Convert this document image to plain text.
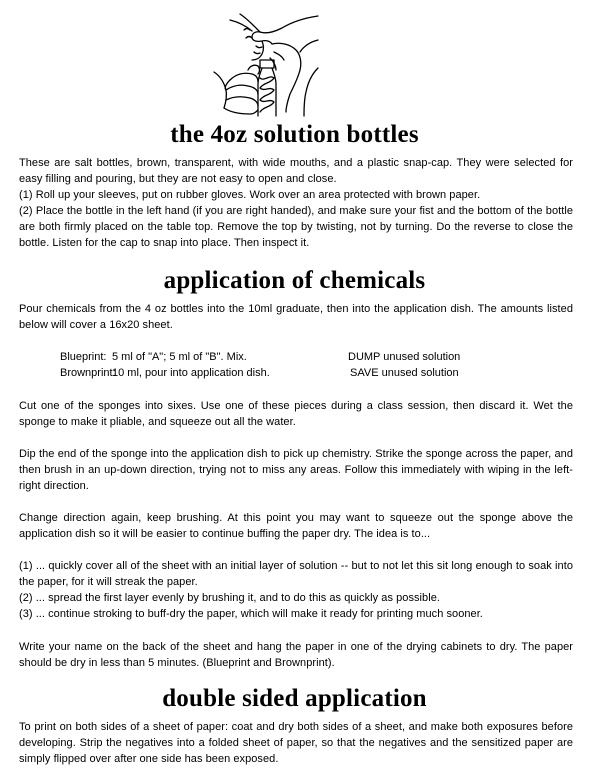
the 4oz solution bottles
These are salt bottles, brown, transparent, with wide mouths, and a plastic snap-cap. They were selected for easy filling and pouring, but they are not easy to open and close.
(1) Roll up your sleeves, put on rubber gloves. Work over an area protected with brown paper.
(2) Place the bottle in the left hand (if you are right handed), and make sure your fist and the bottom of the bottle are both firmly placed on the table top. Remove the top by twisting, not by turning. Do the reverse to close the bottle. Listen for the cap to snap into place. Then inspect it.
application of chemicals

Pour chemicals from the 4 oz bottles into the 10ml graduate, then into the application dish. The amounts listed below will cover a 16x20 sheet.

Blueprint: 5 ml of "A"; 5 ml of "B". Mix.	DUMP unused solution
Brownprint:10 ml, pour into application dish.	SAVE unused solution

Cut one of the sponges into sixes. Use one of these pieces during a class session, then discard it. Wet the sponge to make it pliable, and squeeze out all the water.

Dip the end of the sponge into the application dish to pick up chemistry. Strike the sponge across the paper, and then brush in an up-down direction, trying not to miss any areas. Follow this immediately with wiping in the left-right direction.

Change direction again, keep brushing. At this point you may want to squeeze out the sponge above the application dish so it will be easier to continue buffing the paper dry. The idea is to...

(1) ... quickly cover all of the sheet with an initial layer of solution -- but to not let this sit long enough to soak into the paper, for it will streak the paper.
(2) ... spread the first layer evenly by brushing it, and to do this as quickly as possible.
(3) ... continue stroking to buff-dry the paper, which will make it ready for printing much sooner.

Write your name on the back of the sheet and hang the paper in one of the drying cabinets to dry. The paper should be dry in less than 5 minutes. (Blueprint and Brownprint).

double sided application

To print on both sides of a sheet of paper: coat and dry both sides of a sheet, and make both exposures before developing. Strip the negatives into a folded sheet of paper, so that the negatives and the sensitized paper are simply flipped over after one side has been exposed.
